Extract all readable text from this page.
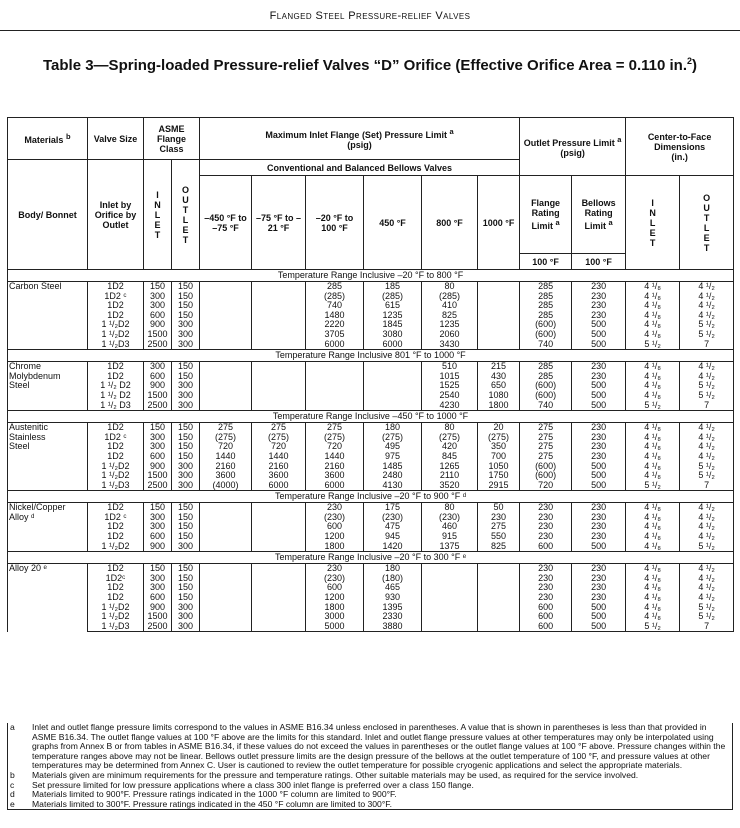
Flanged Steel Pressure-relief Valves
Table 3—Spring-loaded Pressure-relief Valves “D” Orifice (Effective Orifice Area = 0.110 in.$^2$)
Materials $^b$	Valve Size	ASME Flange Class		Maximum Inlet Flange (Set) Pressure Limit $^a$
(psig)						Outlet Pressure Limit $^a$
(psig)		Center-to-Face Dimensions
(in.)	
Body/ Bonnet	Inlet by Orifice by Outlet	INLET	OUTLET	Conventional and Balanced Bellows Valves									
				–450 °F to –75 °F	–75 °F to –21 °F	–20 °F to 100 °F	450 °F	800 °F	1000 °F	Flange Rating Limit $^a$	Bellows Rating Limit $^a$	INLET	OUTLET
										100 °F	100 °F		
Temperature Range Inclusive –20 °F to 800 °F													

Carbon Steel	1D2	150	150			285	185	80		285	230	4 ¹/₈	4 ¹/₂
	1D2 ᶜ	300	150			(285)	(285)	(285)		285	230	4 ¹/₈	4 ¹/₂
	1D2	300	150			740	615	410		285	230	4 ¹/₈	4 ¹/₂
	1D2	600	150			1480	1235	825		285	230	4 ¹/₈	4 ¹/₂
	1 ¹/₂D2	900	300			2220	1845	1235		(600)	500	4 ¹/₈	5 ¹/₂
	1 ¹/₂D2	1500	300			3705	3080	2060		(600)	500	4 ¹/₈	5 ¹/₂
	1 ¹/₂D3	2500	300			6000	6000	3430		740	500	5 ¹/₂	7
Temperature Range Inclusive 801 °F to 1000 °F													

Chrome
Molybdenum
Steel	1D2	300	150					510	215	285	230	4 ¹/₈	4 ¹/₂
	1D2	600	150					1015	430	285	230	4 ¹/₈	4 ¹/₂
	1 ¹/₂ D2	900	300					1525	650	(600)	500	4 ¹/₈	5 ¹/₂
	1 ¹/₂ D2	1500	300					2540	1080	(600)	500	4 ¹/₈	5 ¹/₂
	1 ¹/₂ D3	2500	300					4230	1800	740	500	5 ¹/₂	7
Temperature Range Inclusive –450 °F to 1000 °F													

Austenitic
Stainless
Steel	1D2	150	150	275	275	275	180	80	20	275	230	4 ¹/₈	4 ¹/₂
	1D2 ᶜ	300	150	(275)	(275)	(275)	(275)	(275)	(275)	275	230	4 ¹/₈	4 ¹/₂
	1D2	300	150	720	720	720	495	420	350	275	230	4 ¹/₈	4 ¹/₂
	1D2	600	150	1440	1440	1440	975	845	700	275	230	4 ¹/₈	4 ¹/₂
	1 ¹/₂D2	900	300	2160	2160	2160	1485	1265	1050	(600)	500	4 ¹/₈	5 ¹/₂
	1 ¹/₂D2	1500	300	3600	3600	3600	2480	2110	1750	(600)	500	4 ¹/₈	5 ¹/₂
	1 ¹/₂D3	2500	300	(4000)	6000	6000	4130	3520	2915	720	500	5 ¹/₂	7
Temperature Range Inclusive –20 °F to 900 °F ᵈ													

Nickel/Copper
Alloy ᵈ	1D2	150	150			230	175	80	50	230	230	4 ¹/₈	4 ¹/₂
	1D2 ᶜ	300	150			(230)	(230)	(230)	230	230	230	4 ¹/₈	4 ¹/₂
	1D2	300	150			600	475	460	275	230	230	4 ¹/₈	4 ¹/₂
	1D2	600	150			1200	945	915	550	230	230	4 ¹/₈	4 ¹/₂
	1 ¹/₂D2	900	300			1800	1420	1375	825	600	500	4 ¹/₈	5 ¹/₂
Temperature Range Inclusive –20 °F to 300 °F ᵉ													

Alloy 20 ᵉ	1D2	150	150			230	180			230	230	4 ¹/₈	4 ¹/₂
	1D2ᶜ	300	150			(230)	(180)			230	230	4 ¹/₈	4 ¹/₂
	1D2	300	150			600	465			230	230	4 ¹/₈	4 ¹/₂
	1D2	600	150			1200	930			230	230	4 ¹/₈	4 ¹/₂
	1 ¹/₂D2	900	300			1800	1395			600	500	4 ¹/₈	5 ¹/₂
	1 ¹/₂D2	1500	300			3000	2330			600	500	4 ¹/₈	5 ¹/₂
	1 ¹/₂D3	2500	300			5000	3880			600	500	5 ¹/₂	7
a	Inlet and outlet flange pressure limits correspond to the values in ASME B16.34 unless enclosed in parentheses. A value that is shown in parentheses is less than that provided in ASME B16.34. The outlet flange values at 100 °F above are the limits for this standard. Inlet and outlet flange pressure values at other temperatures may only be interpolated using graphs from Annex B or from tables in ASME B16.34, if these values do not exceed the values in parentheses or the outlet flange values at 100 °F above. Pressure changes within the temperature ranges above may not be linear. Bellows outlet pressure limits are the design pressure of the bellows at the outlet temperature of 100 °F, and pressure values at other temperatures may be determined from Annex C. User is cautioned to review the outlet temperature for possible cryogenic applications and select the appropriate materials.
b	Materials given are minimum requirements for the pressure and temperature ratings. Other suitable materials may be used, as required for the service involved.
c	Set pressure limited for low pressure applications where a class 300 inlet flange is preferred over a class 150 flange.
d	Materials limited to 900°F. Pressure ratings indicated in the 1000 °F column are limited to 900°F.
e	Materials limited to 300°F. Pressure ratings indicated in the 450 °F column are limited to 300°F.
